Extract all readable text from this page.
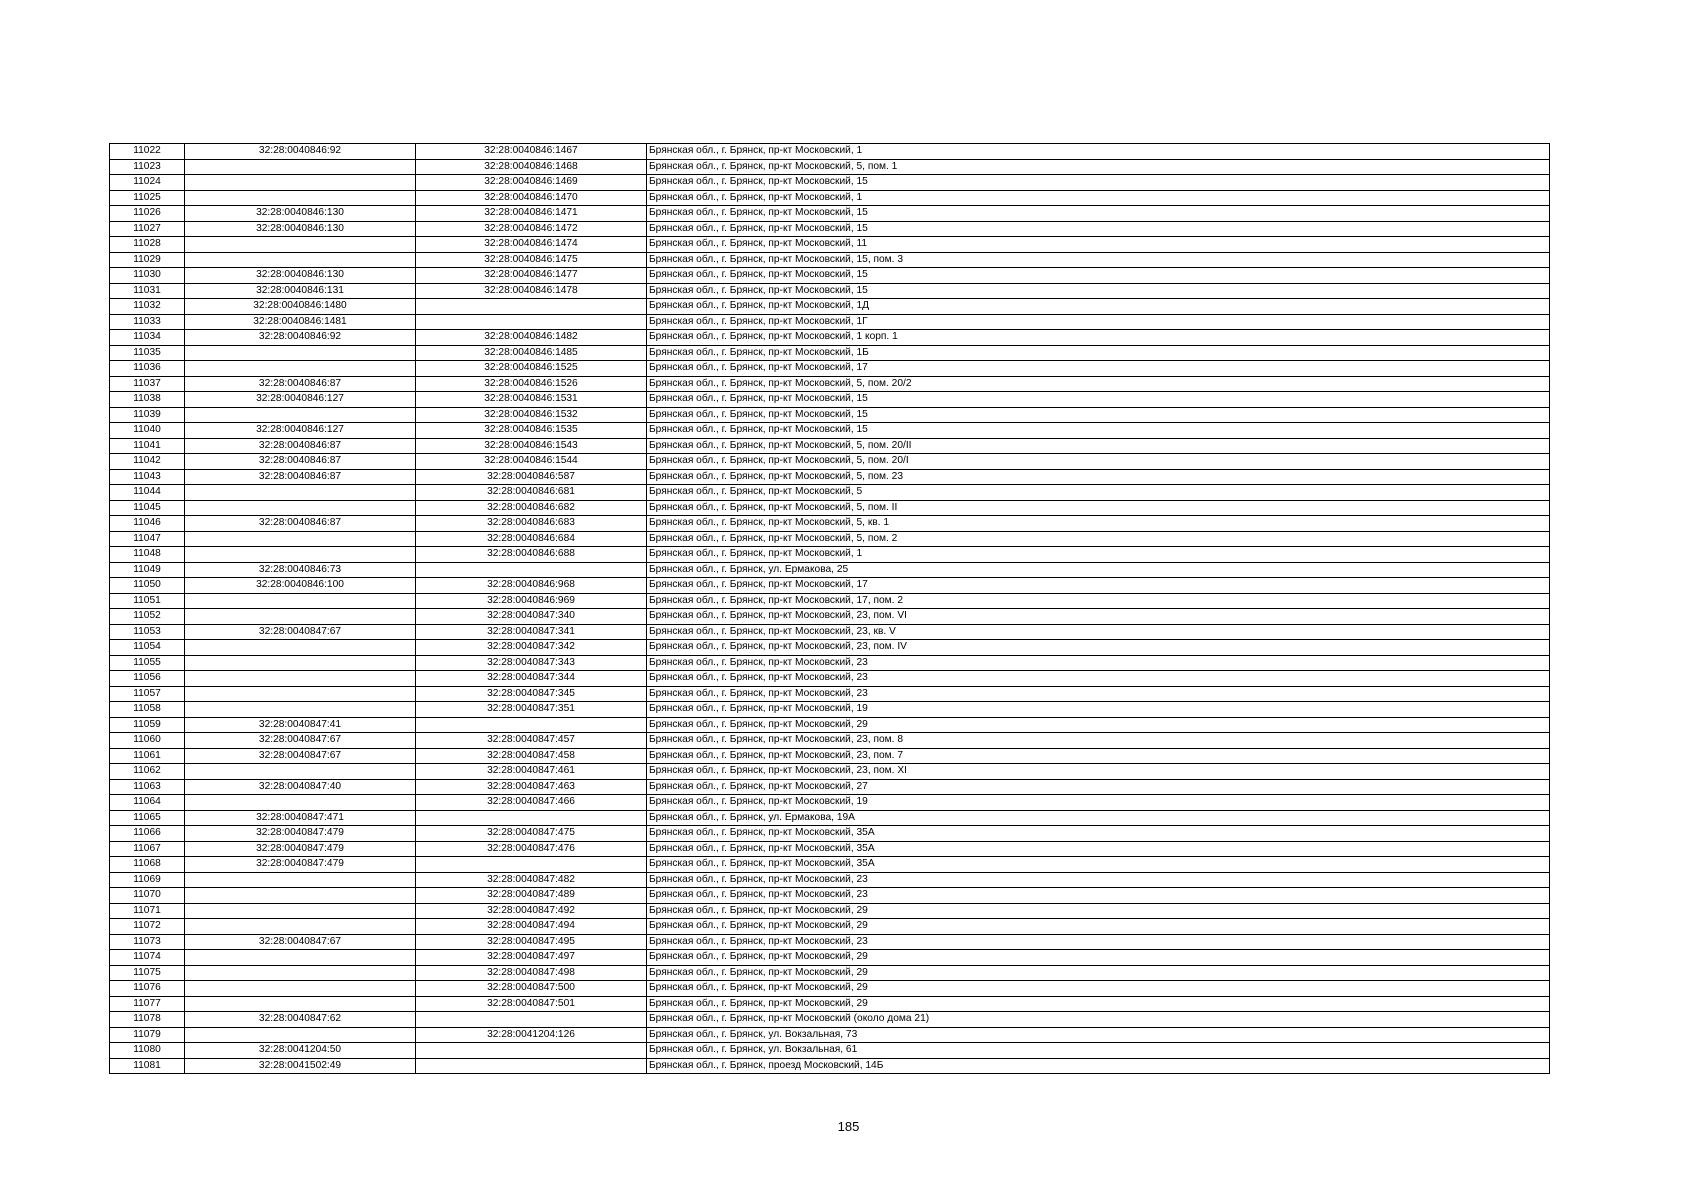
11022	32:28:0040846:92	32:28:0040846:1467	Брянская обл., г. Брянск, пр-кт Московский, 1
11023		32:28:0040846:1468	Брянская обл., г. Брянск, пр-кт Московский, 5, пом. 1
11024		32:28:0040846:1469	Брянская обл., г. Брянск, пр-кт Московский, 15
11025		32:28:0040846:1470	Брянская обл., г. Брянск, пр-кт Московский, 1
11026	32:28:0040846:130	32:28:0040846:1471	Брянская обл., г. Брянск, пр-кт Московский, 15
11027	32:28:0040846:130	32:28:0040846:1472	Брянская обл., г. Брянск, пр-кт Московский, 15
11028		32:28:0040846:1474	Брянская обл., г. Брянск, пр-кт Московский, 11
11029		32:28:0040846:1475	Брянская обл., г. Брянск, пр-кт Московский, 15, пом. 3
11030	32:28:0040846:130	32:28:0040846:1477	Брянская обл., г. Брянск, пр-кт Московский, 15
11031	32:28:0040846:131	32:28:0040846:1478	Брянская обл., г. Брянск, пр-кт Московский, 15
11032	32:28:0040846:1480		Брянская обл., г. Брянск, пр-кт Московский, 1Д
11033	32:28:0040846:1481		Брянская обл., г. Брянск, пр-кт Московский, 1Г
11034	32:28:0040846:92	32:28:0040846:1482	Брянская обл., г. Брянск, пр-кт Московский, 1 корп. 1
11035		32:28:0040846:1485	Брянская обл., г. Брянск, пр-кт Московский, 1Б
11036		32:28:0040846:1525	Брянская обл., г. Брянск, пр-кт Московский, 17
11037	32:28:0040846:87	32:28:0040846:1526	Брянская обл., г. Брянск, пр-кт Московский, 5, пом. 20/2
11038	32:28:0040846:127	32:28:0040846:1531	Брянская обл., г. Брянск, пр-кт Московский, 15
11039		32:28:0040846:1532	Брянская обл., г. Брянск, пр-кт Московский, 15
11040	32:28:0040846:127	32:28:0040846:1535	Брянская обл., г. Брянск, пр-кт Московский, 15
11041	32:28:0040846:87	32:28:0040846:1543	Брянская обл., г. Брянск, пр-кт Московский, 5, пом. 20/II
11042	32:28:0040846:87	32:28:0040846:1544	Брянская обл., г. Брянск, пр-кт Московский, 5, пом. 20/I
11043	32:28:0040846:87	32:28:0040846:587	Брянская обл., г. Брянск, пр-кт Московский, 5, пом. 23
11044		32:28:0040846:681	Брянская обл., г. Брянск, пр-кт Московский, 5
11045		32:28:0040846:682	Брянская обл., г. Брянск, пр-кт Московский, 5, пом. II
11046	32:28:0040846:87	32:28:0040846:683	Брянская обл., г. Брянск, пр-кт Московский, 5, кв. 1
11047		32:28:0040846:684	Брянская обл., г. Брянск, пр-кт Московский, 5, пом. 2
11048		32:28:0040846:688	Брянская обл., г. Брянск, пр-кт Московский, 1
11049	32:28:0040846:73		Брянская обл., г. Брянск, ул. Ермакова, 25
11050	32:28:0040846:100	32:28:0040846:968	Брянская обл., г. Брянск, пр-кт Московский, 17
11051		32:28:0040846:969	Брянская обл., г. Брянск, пр-кт Московский, 17, пом. 2
11052		32:28:0040847:340	Брянская обл., г. Брянск, пр-кт Московский, 23, пом. VI
11053	32:28:0040847:67	32:28:0040847:341	Брянская обл., г. Брянск, пр-кт Московский, 23, кв. V
11054		32:28:0040847:342	Брянская обл., г. Брянск, пр-кт Московский, 23, пом. IV
11055		32:28:0040847:343	Брянская обл., г. Брянск, пр-кт Московский, 23
11056		32:28:0040847:344	Брянская обл., г. Брянск, пр-кт Московский, 23
11057		32:28:0040847:345	Брянская обл., г. Брянск, пр-кт Московский, 23
11058		32:28:0040847:351	Брянская обл., г. Брянск, пр-кт Московский, 19
11059	32:28:0040847:41		Брянская обл., г. Брянск, пр-кт Московский, 29
11060	32:28:0040847:67	32:28:0040847:457	Брянская обл., г. Брянск, пр-кт Московский, 23, пом. 8
11061	32:28:0040847:67	32:28:0040847:458	Брянская обл., г. Брянск, пр-кт Московский, 23, пом. 7
11062		32:28:0040847:461	Брянская обл., г. Брянск, пр-кт Московский, 23, пом. XI
11063	32:28:0040847:40	32:28:0040847:463	Брянская обл., г. Брянск, пр-кт Московский, 27
11064		32:28:0040847:466	Брянская обл., г. Брянск, пр-кт Московский, 19
11065	32:28:0040847:471		Брянская обл., г. Брянск, ул. Ермакова, 19А
11066	32:28:0040847:479	32:28:0040847:475	Брянская обл., г. Брянск, пр-кт Московский, 35А
11067	32:28:0040847:479	32:28:0040847:476	Брянская обл., г. Брянск, пр-кт Московский, 35А
11068	32:28:0040847:479		Брянская обл., г. Брянск, пр-кт Московский, 35А
11069		32:28:0040847:482	Брянская обл., г. Брянск, пр-кт Московский, 23
11070		32:28:0040847:489	Брянская обл., г. Брянск, пр-кт Московский, 23
11071		32:28:0040847:492	Брянская обл., г. Брянск, пр-кт Московский, 29
11072		32:28:0040847:494	Брянская обл., г. Брянск, пр-кт Московский, 29
11073	32:28:0040847:67	32:28:0040847:495	Брянская обл., г. Брянск, пр-кт Московский, 23
11074		32:28:0040847:497	Брянская обл., г. Брянск, пр-кт Московский, 29
11075		32:28:0040847:498	Брянская обл., г. Брянск, пр-кт Московский, 29
11076		32:28:0040847:500	Брянская обл., г. Брянск, пр-кт Московский, 29
11077		32:28:0040847:501	Брянская обл., г. Брянск, пр-кт Московский, 29
11078	32:28:0040847:62		Брянская обл., г. Брянск, пр-кт Московский (около дома 21)
11079		32:28:0041204:126	Брянская обл., г. Брянск, ул. Вокзальная, 73
11080	32:28:0041204:50		Брянская обл., г. Брянск, ул. Вокзальная, 61
11081	32:28:0041502:49		Брянская обл., г. Брянск, проезд Московский, 14Б
185
